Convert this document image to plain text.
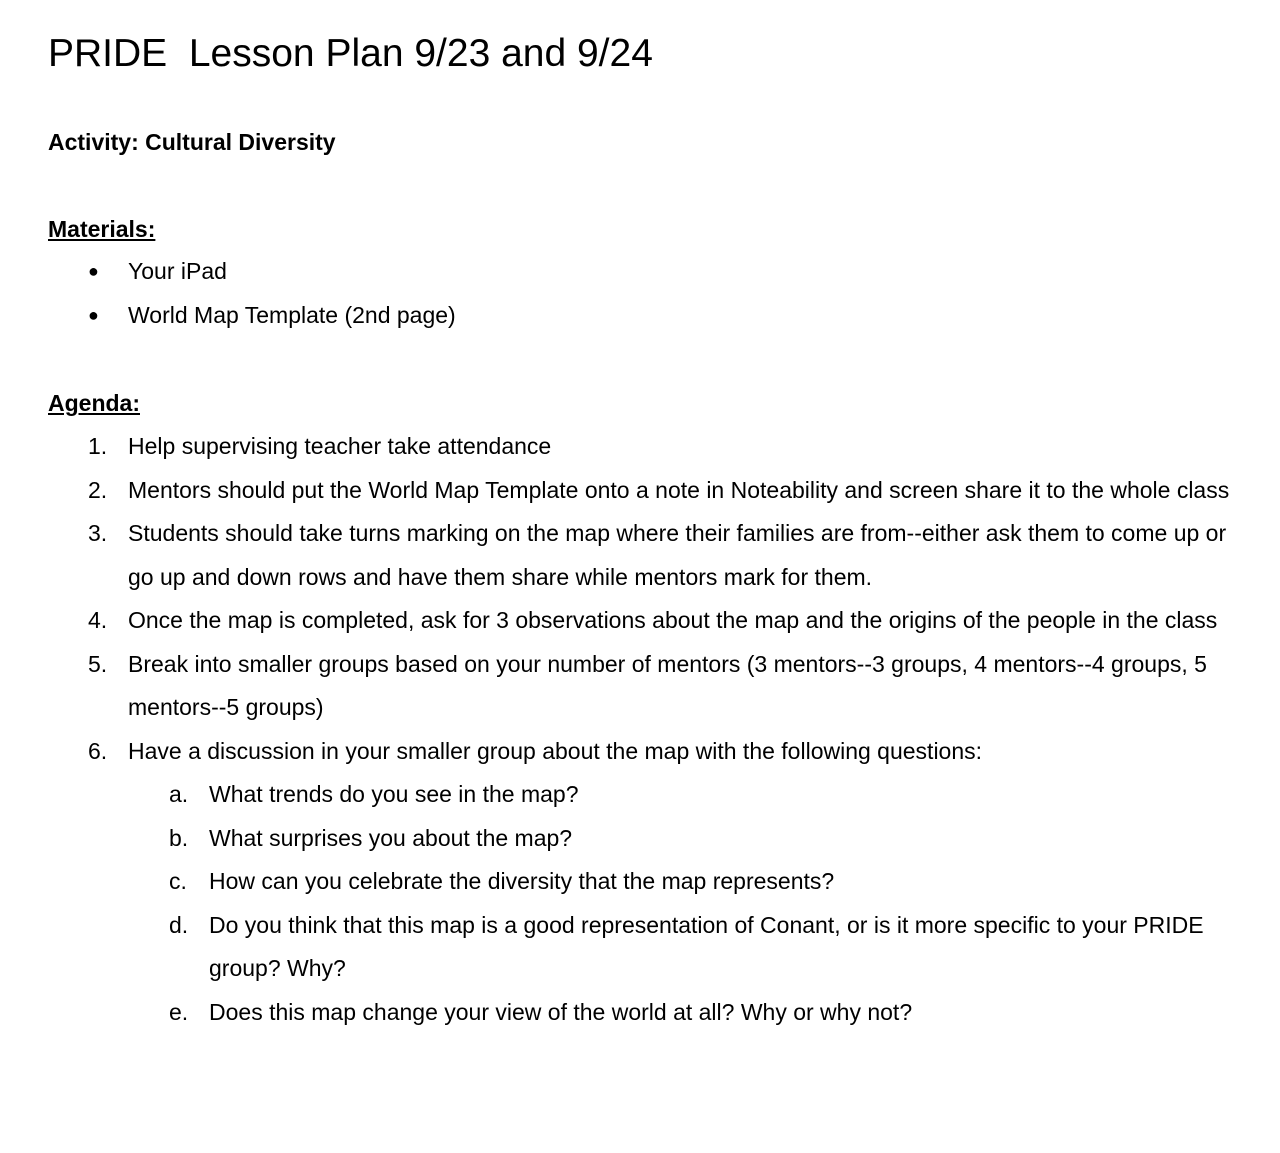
PRIDE  Lesson Plan 9/23 and 9/24
Activity: Cultural Diversity
Materials:
● Your iPad
● World Map Template (2nd page)
Agenda:
1. Help supervising teacher take attendance
2. Mentors should put the World Map Template onto a note in Noteability and screen share it to the whole class
3. Students should take turns marking on the map where their families are from--either ask them to come up or go up and down rows and have them share while mentors mark for them.
4. Once the map is completed, ask for 3 observations about the map and the origins of the people in the class
5. Break into smaller groups based on your number of mentors (3 mentors--3 groups, 4 mentors--4 groups, 5 mentors--5 groups)
6. Have a discussion in your smaller group about the map with the following questions:
a. What trends do you see in the map?
b. What surprises you about the map?
c. How can you celebrate the diversity that the map represents?
d. Do you think that this map is a good representation of Conant, or is it more specific to your PRIDE group? Why?
e. Does this map change your view of the world at all? Why or why not?
